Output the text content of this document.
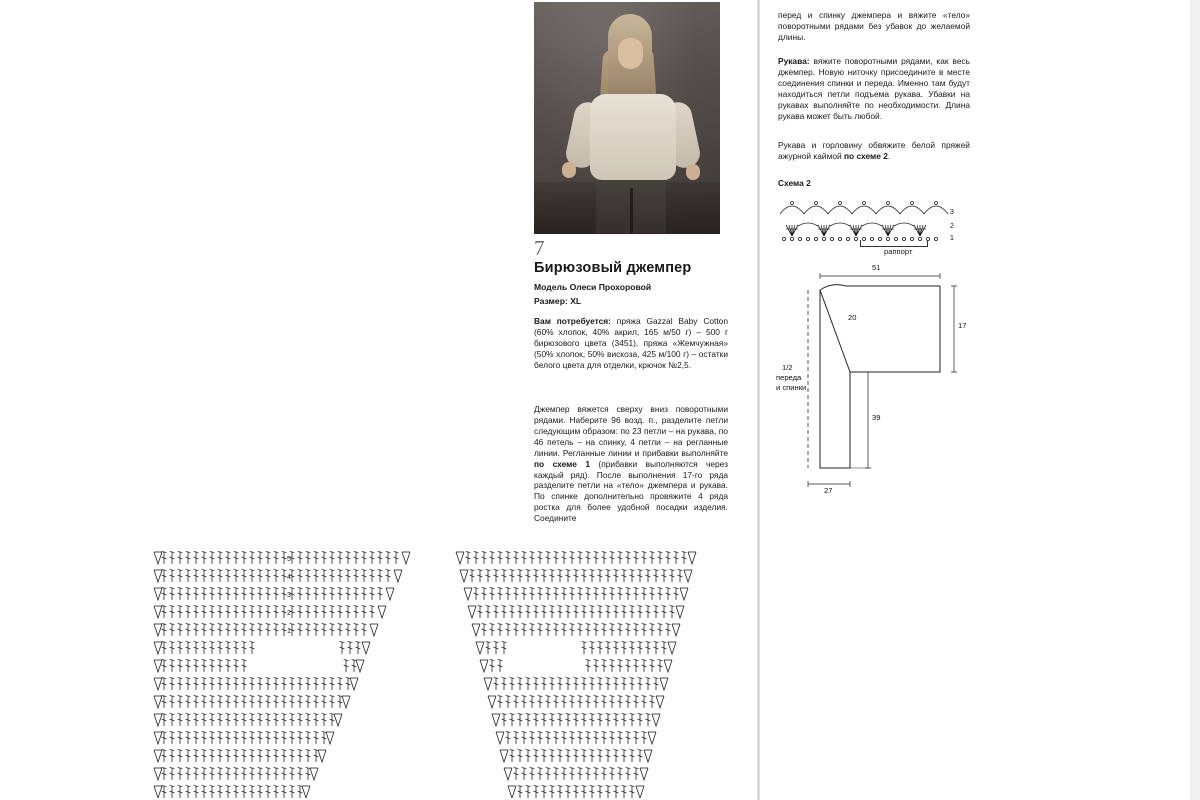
7
Бирюзовый джемпер
Модель Олеси Прохоровой
Размер: XL
Вам потребуется: пряжа Gazzal Baby Cotton (60% хлопок, 40% акрил, 165 м/50 г) – 500 г бирюзового цвета (3451), пряжа «Жемчужная» (50% хлопок, 50% вискоза, 425 м/100 г) – остатки белого цвета для отделки, крючок №2,5.
Джемпер вяжется сверху вниз поворотными рядами. Наберите 96 возд. п., разделите петли следующим образом: по 23 петли – на рукава, по 46 петель – на спинку, 4 петли – на регланные линии. Регланные линии и прибавки выполняйте по схеме 1 (прибавки выполняются через каждый ряд). После выполнения 17-го ряда разделите петли на «тело» джемпера и рукава. По спинке дополнительно провяжите 4 ряда ростка для более удобной посадки изделия. Соедините
перед и спинку джемпера и вяжите «тело» поворотными рядами без убавок до желаемой длины.
Рукава: вяжите поворотными рядами, как весь джемпер. Новую ниточку присоедините в месте соединения спинки и переда. Именно там будут находиться петли подъема рукава. Убавки на рукавах выполняйте по необходимости. Длина рукава может быть любой.
Рукава и горловину обвяжите белой пряжей ажурной каймой по схеме 2.
Схема 2
3
2
1
раппорт
51
20
17
39
27
1/2
переда
и спинки
5
4
3
2
1
